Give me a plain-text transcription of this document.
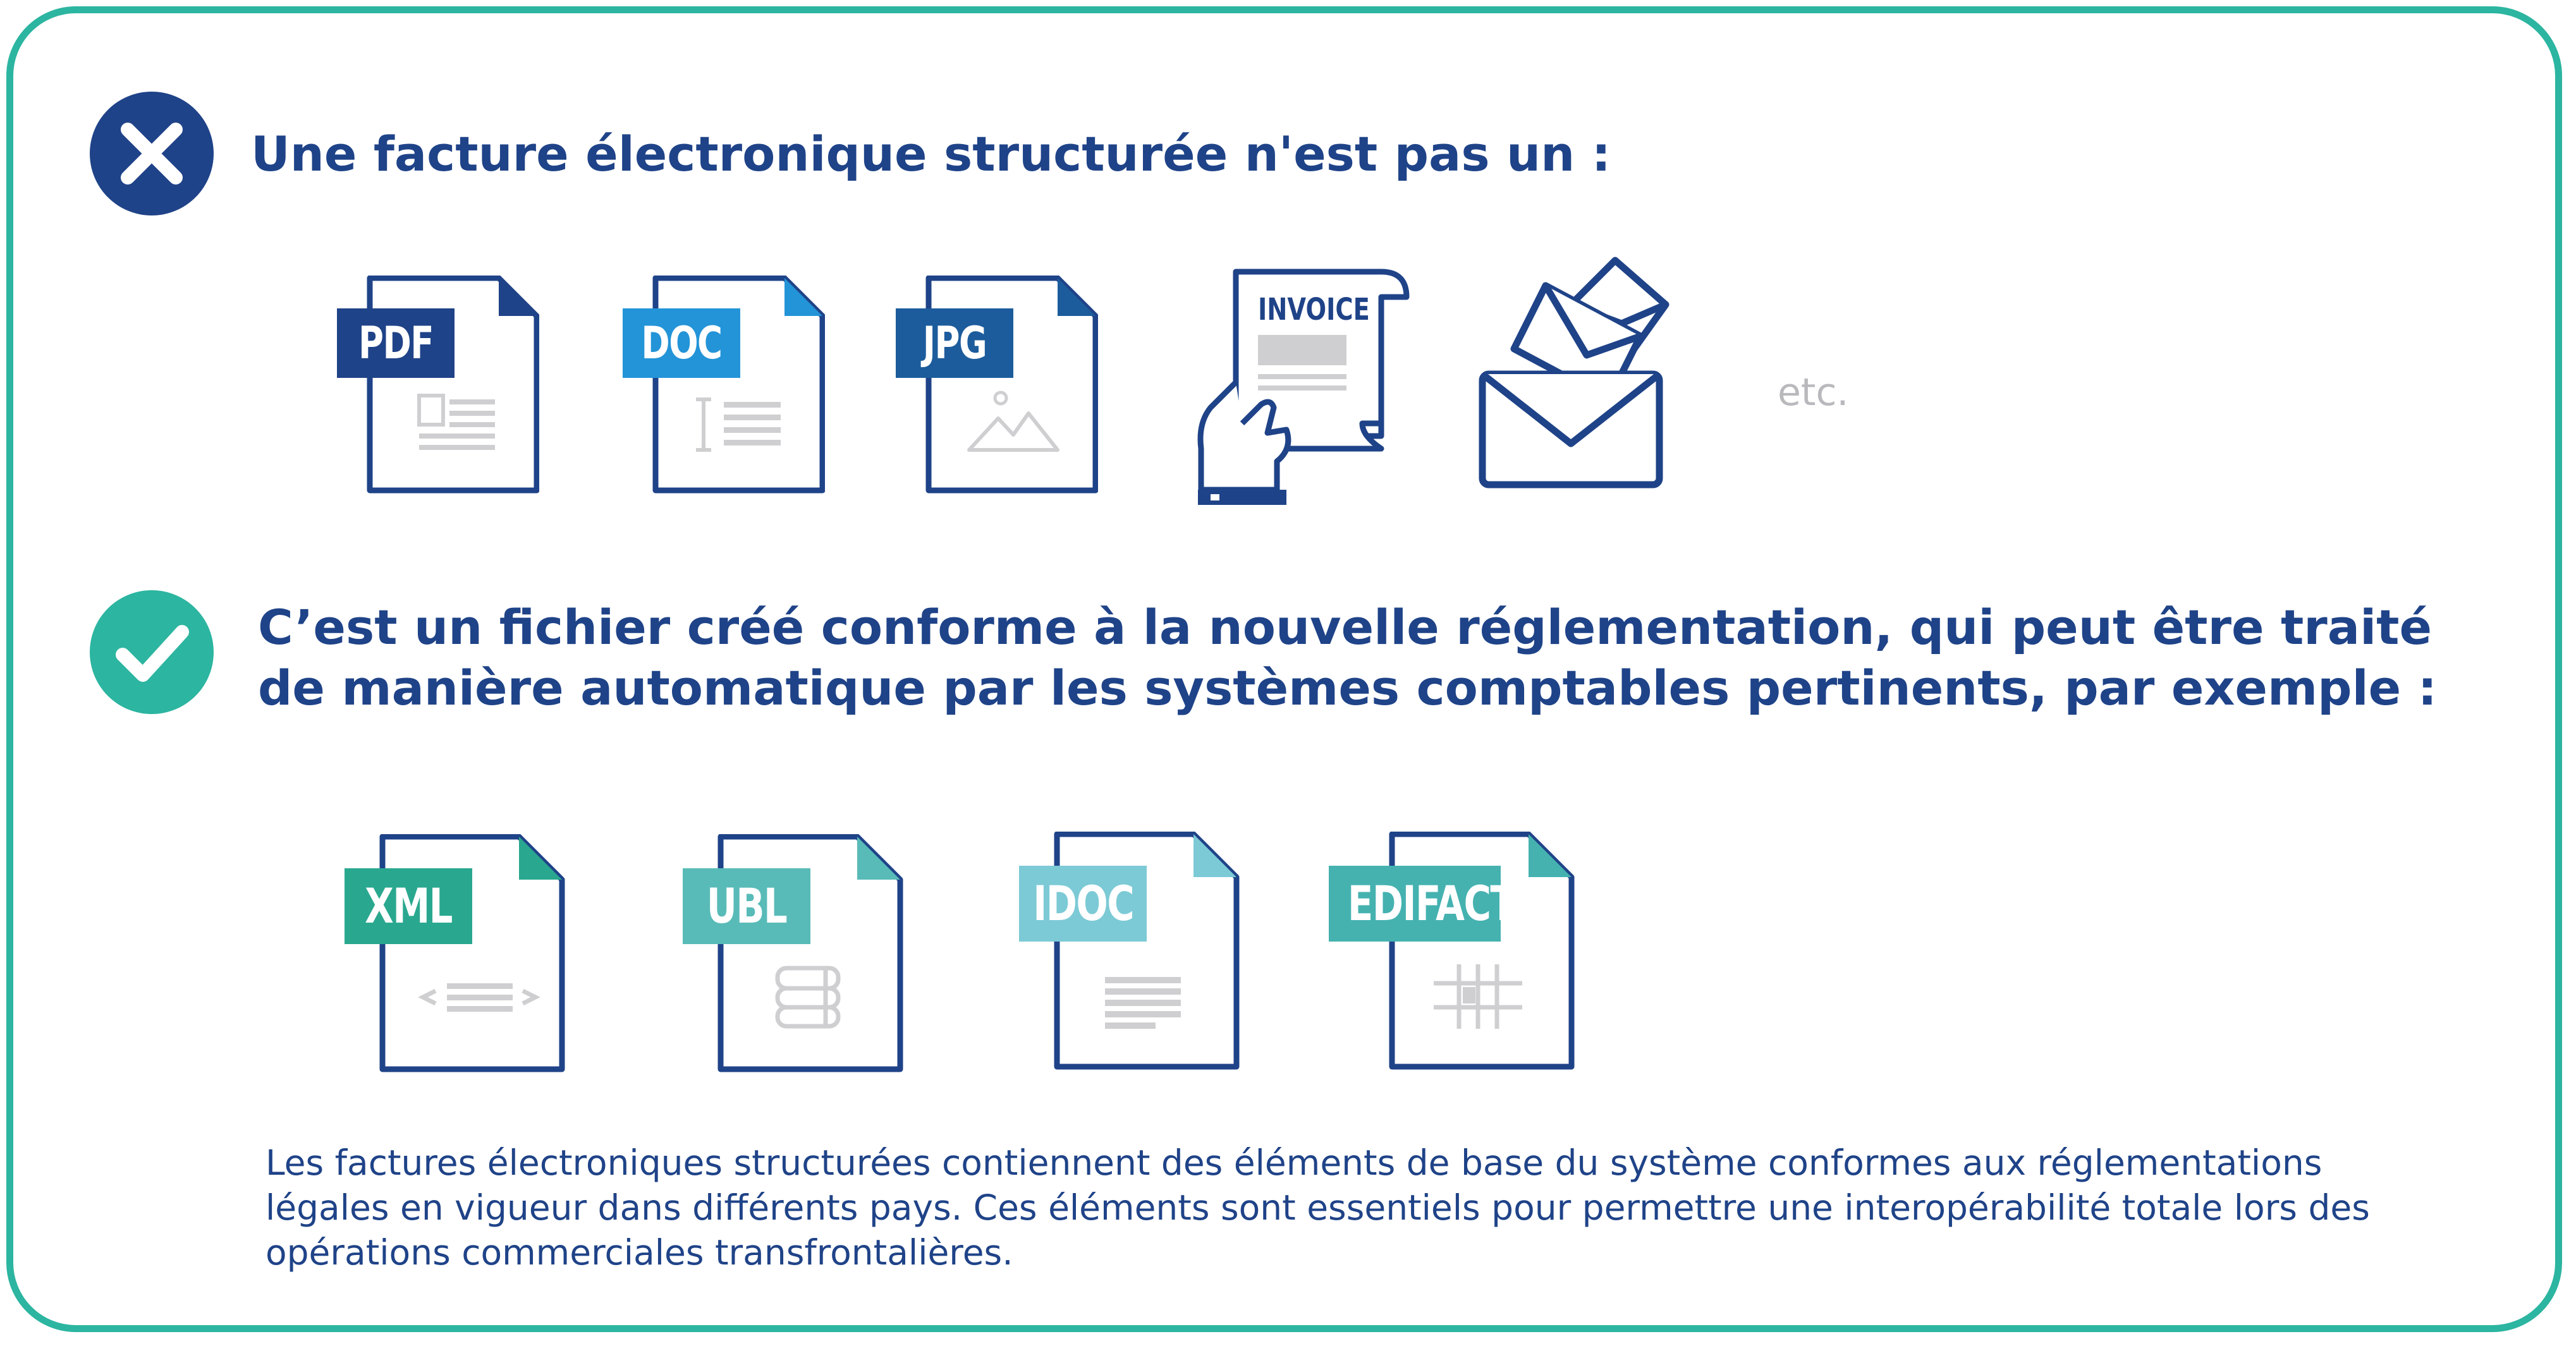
Une facture électronique structurée n'est pas un :
PDF	DOC	JPG
INVOICE
etc.
C’est un fichier créé conforme à la nouvelle réglementation, qui peut être traité
de manière automatique par les systèmes comptables pertinents, par exemple :
XML	UBL	IDOC	EDIFACT

Les factures électroniques structurées contiennent des éléments de base du système conformes aux réglementations
légales en vigueur dans différents pays. Ces éléments sont essentiels pour permettre une interopérabilité totale lors des
opérations commerciales transfrontalières.
